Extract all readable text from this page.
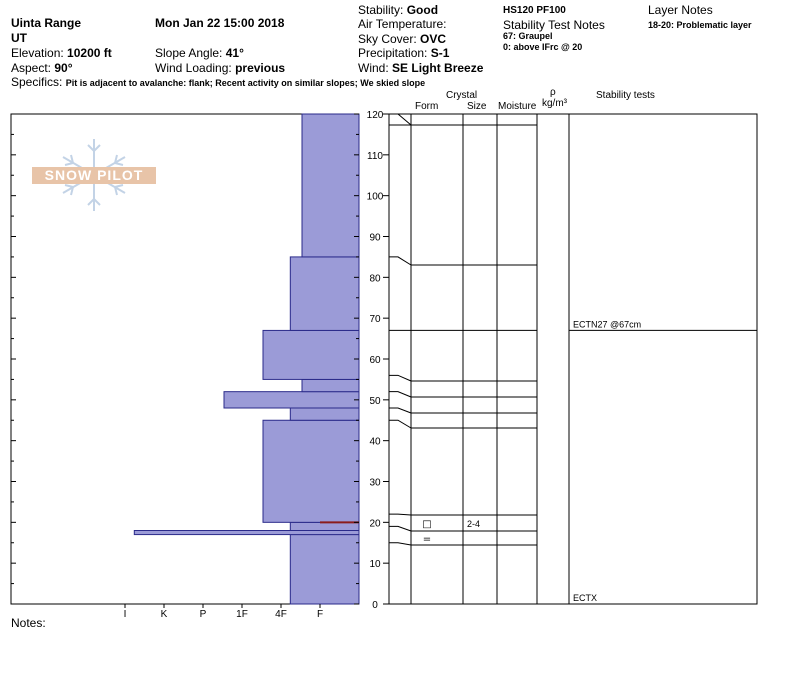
Uinta Range
UT
Elevation: 10200 ft
Aspect: 90°
Mon Jan 22 15:00 2018
Slope Angle: 41°
Wind Loading: previous
Stability: Good
Air Temperature:
Sky Cover: OVC
Precipitation: S-1
Wind: SE Light Breeze
HS120 PF100
Stability Test Notes
67: Graupel
0: above IFrc @ 20
Layer Notes
18-20: Problematic layer
Specifics: Pit is adjacent to avalanche: flank; Recent activity on similar slopes; We skied slope
Crystal
Form	Size Moisture
ρ
kg/m³
Stability tests
Notes:
SNOW PILOT
I	K	P	1F	4F	F
0
10
20
30
40
50
60
70
80
90
100
110
120
□	2-4
=
ECTN27 @67cm
ECTX
